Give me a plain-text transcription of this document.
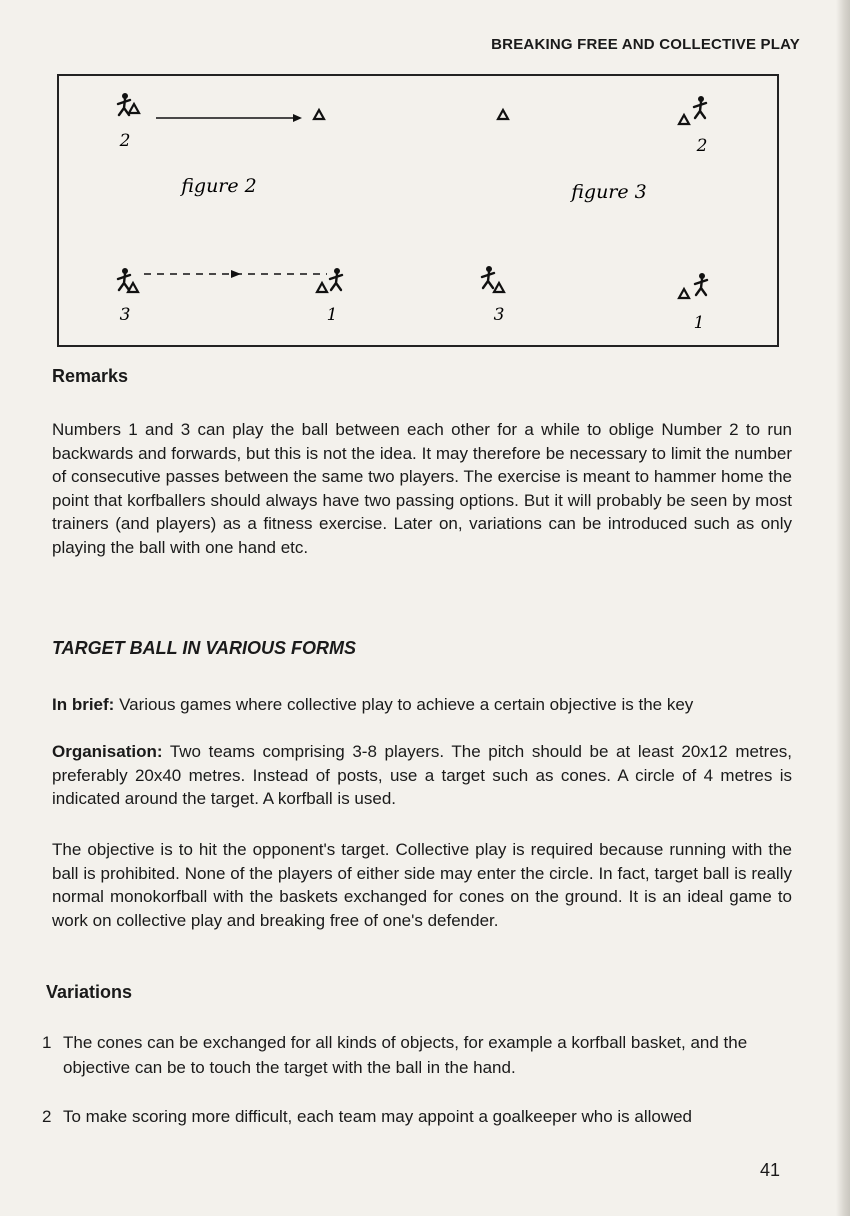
BREAKING FREE AND COLLECTIVE PLAY
2
3	1
figure 2
2
3	1
figure 3
Remarks

Numbers 1 and 3 can play the ball between each other for a while to oblige Number 2 to run backwards and forwards, but this is not the idea. It may therefore be necessary to limit the number of consecutive passes between the same two players. The exercise is meant to hammer home the point that korfballers should always have two passing options. But it will probably be seen by most trainers (and players) as a fitness exercise. Later on, variations can be introduced such as only playing the ball with one hand etc.

TARGET BALL IN VARIOUS FORMS

In brief: Various games where collective play to achieve a certain objective is the key

Organisation: Two teams comprising 3-8 players. The pitch should be at least 20x12 metres, preferably 20x40 metres. Instead of posts, use a target such as cones. A circle of 4 metres is indicated around the target. A korfball is used.

The objective is to hit the opponent's target. Collective play is required because running with the ball is prohibited. None of the players of either side may enter the circle. In fact, target ball is really normal monokorfball with the baskets exchanged for cones on the ground. It is an ideal game to work on collective play and breaking free of one's defender.

Variations
1 The cones can be exchanged for all kinds of objects, for example a korfball basket, and the objective can be to touch the target with the ball in the hand.
2 To make scoring more difficult, each team may appoint a goalkeeper who is allowed
41
